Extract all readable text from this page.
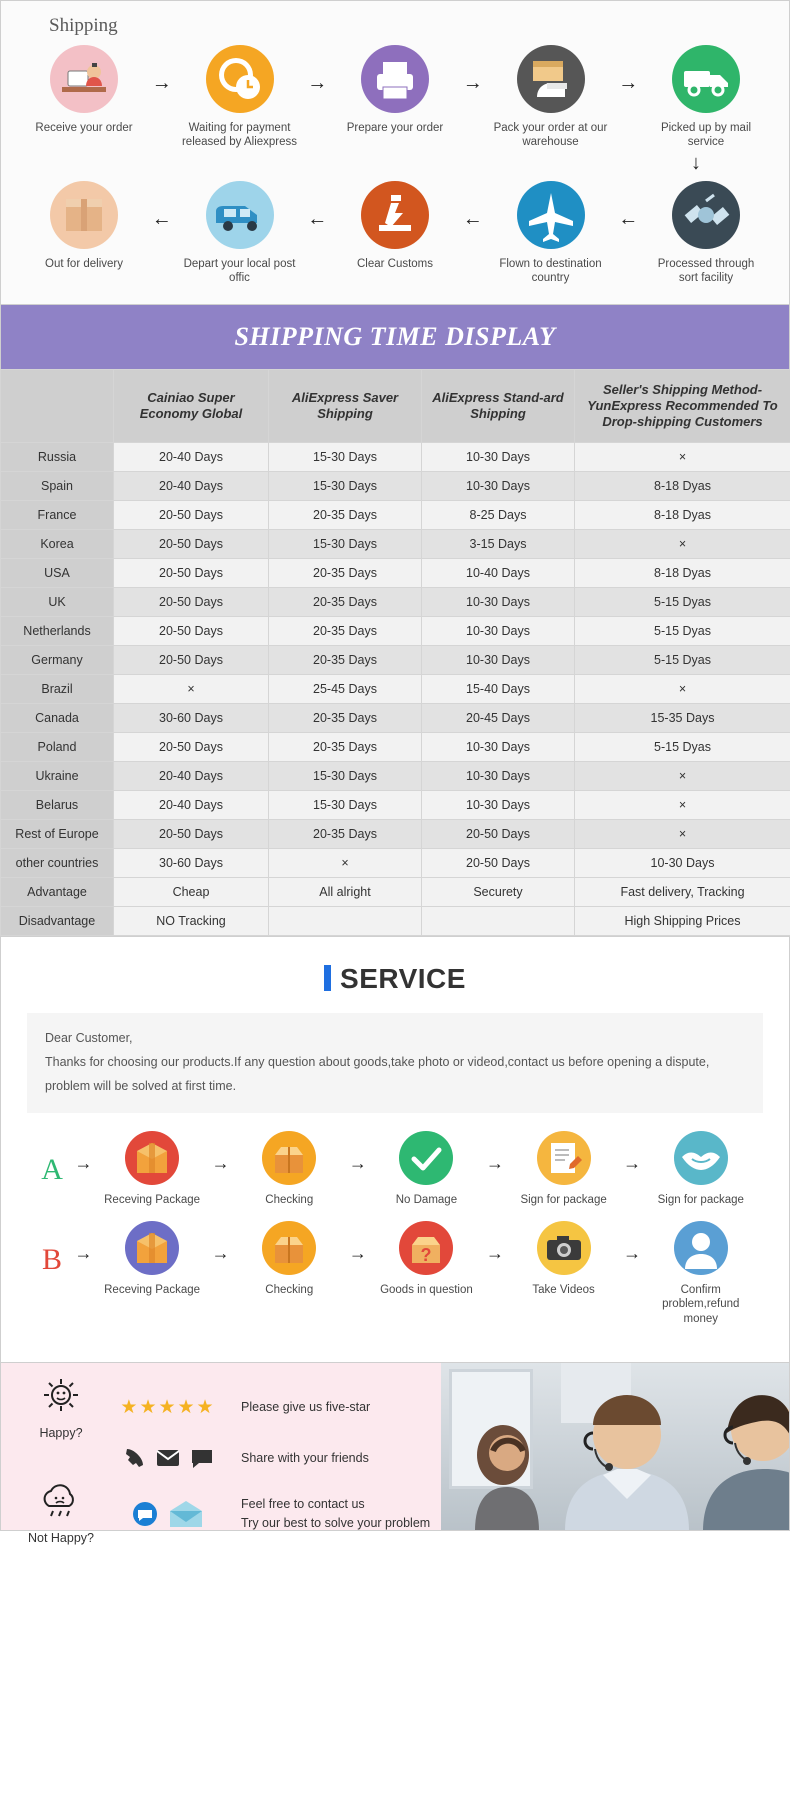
Shipping
Receive your order
→
Waiting for payment released by Aliexpress
→
Prepare your order
→
Pack your order at our warehouse
→
Picked up by mail service
↓
Out for delivery
←
Depart your local post offic
←
Clear Customs
←
Flown to destination country
←
Processed through sort facility
SHIPPING TIME DISPLAY
	Cainiao Super Economy Global	AliExpress Saver Shipping	AliExpress Stand-ard Shipping	Seller's Shipping Method-YunExpress Recommended To Drop-shipping Customers
Russia	20-40 Days	15-30 Days	10-30 Days	×
Spain	20-40 Days	15-30 Days	10-30 Days	8-18 Dyas
France	20-50 Days	20-35 Days	8-25 Days	8-18 Dyas
Korea	20-50 Days	15-30 Days	3-15 Days	×
USA	20-50 Days	20-35 Days	10-40 Days	8-18 Dyas
UK	20-50 Days	20-35 Days	10-30 Days	5-15 Dyas
Netherlands	20-50 Days	20-35 Days	10-30 Days	5-15 Dyas
Germany	20-50 Days	20-35 Days	10-30 Days	5-15 Dyas
Brazil	×	25-45 Days	15-40 Days	×
Canada	30-60 Days	20-35 Days	20-45 Days	15-35 Days
Poland	20-50 Days	20-35 Days	10-30 Days	5-15 Dyas
Ukraine	20-40 Days	15-30 Days	10-30 Days	×
Belarus	20-40 Days	15-30 Days	10-30 Days	×
Rest of Europe	20-50 Days	20-35 Days	20-50 Days	×
other countries	30-60 Days	×	20-50 Days	10-30 Days
Advantage	Cheap	All alright	Securety	Fast delivery, Tracking
Disadvantage	NO Tracking			High Shipping Prices
SERVICE
Dear Customer,
Thanks for choosing our products.If any question about goods,take photo or videod,contact us before opening a dispute,
problem will be solved at first time.
A →
Receving Package
→
Checking
→
No Damage
→
Sign for package
→
Sign for package
B →
Receving Package
→
Checking
→	?
Goods in question
→
Take Videos
→
Confirm problem,refund money
Happy?
★★★★★	Please give us five-star
Share with your friends
Not Happy?
Feel free to contact us
Try our best to solve your problem
